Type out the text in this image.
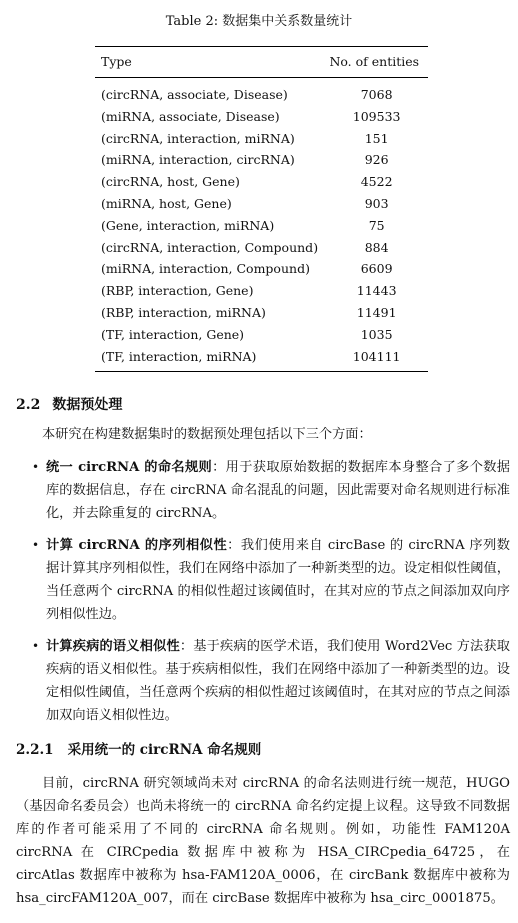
Table 2: 数据集中关系数量统计
Type	No. of entities
(circRNA, associate, Disease)	7068
(miRNA, associate, Disease)	109533
(circRNA, interaction, miRNA)	151
(miRNA, interaction, circRNA)	926
(circRNA, host, Gene)	4522
(miRNA, host, Gene)	903
(Gene, interaction, miRNA)	75
(circRNA, interaction, Compound)	884
(miRNA, interaction, Compound)	6609
(RBP, interaction, Gene)	11443
(RBP, interaction, miRNA)	11491
(TF, interaction, Gene)	1035
(TF, interaction, miRNA)	104111
2.2 数据预处理
本研究在构建数据集时的数据预处理包括以下三个方面：
• 统一 circRNA 的命名规则：用于获取原始数据的数据库本身整合了多个数据库的数据信息，存在 circRNA 命名混乱的问题，因此需要对命名规则进行标准化，并去除重复的 circRNA。
• 计算 circRNA 的序列相似性：我们使用来自 circBase 的 circRNA 序列数据计算其序列相似性，我们在网络中添加了一种新类型的边。设定相似性阈值，当任意两个 circRNA 的相似性超过该阈值时，在其对应的节点之间添加双向序列相似性边。
• 计算疾病的语义相似性：基于疾病的医学术语，我们使用 Word2Vec 方法获取疾病的语义相似性。基于疾病相似性，我们在网络中添加了一种新类型的边。设定相似性阈值，当任意两个疾病的相似性超过该阈值时，在其对应的节点之间添加双向语义相似性边。
2.2.1 采用统一的 circRNA 命名规则

目前，circRNA 研究领域尚未对 circRNA 的命名法则进行统一规范，HUGO（基因命名委员会）也尚未将统一的 circRNA 命名约定提上议程。这导致不同数据库的作者可能采用了不同的 circRNA 命名规则。例如，功能性 FAM120A circRNA 在 CIRCpedia 数据库中被称为 HSA_CIRCpedia_64725，在 circAtlas 数据库中被称为 hsa-FAM120A_0006，在 circBank 数据库中被称为 hsa_circFAM120A_007，而在 circBase 数据库中被称为 hsa_circ_0001875。
